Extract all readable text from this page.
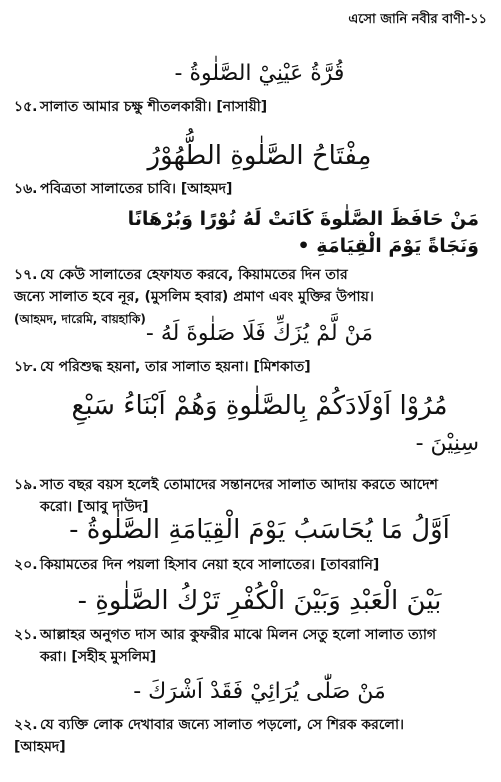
এসো জানি নবীর বাণী-১১
قُرَّةُ عَيْنِيْ الصَّلٰوةُ -
১৫. সালাত আমার চক্ষু শীতলকারী। [নাসায়ী]
مِفْتَاحُ الصَّلٰوةِ الطُّهُوْرُ
১৬. পবিত্রতা সালাতের চাবি। [আহমদ]
مَنْ حَافَظَ الصَّلٰوةَ كَانَتْ لَهُ نُوْرًا وَبُرْهَانًا
وَنَجَاةً يَوْمَ الْقِيَامَةِ •
১৭. যে কেউ সালাতের হেফাযত করবে, কিয়ামতের দিন তার
জন্যে সালাত হবে নূর, (মুসলিম হবার) প্রমাণ এবং মুক্তির উপায়।
(আহমদ, দারেমি, বায়হাকি)
مَنْ لَّمْ يُزَكِّ فَلَا صَلٰوةَ لَهُ -
১৮. যে পরিশুদ্ধ হয়না, তার সালাত হয়না। [মিশকাত]
مُرُوْا اَوْلَادَكُمْ بِالصَّلٰوةِ وَهُمْ اَبْنَاءُ سَبْعِ
سِنِيْنَ -
১৯. সাত বছর বয়স হলেই তোমাদের সন্তানদের সালাত আদায় করতে আদেশ
করো। [আবু দাউদ]
اَوَّلُ مَا يُحَاسَبُ يَوْمَ الْقِيَامَةِ الصَّلٰوةُ -
২০. কিয়ামতের দিন পয়লা হিসাব নেয়া হবে সালাতের। [তাবরানি]
بَيْنَ الْعَبْدِ وَبَيْنَ الْكُفْرِ تَرْكُ الصَّلٰوةِ -
২১. আল্লাহর অনুগত দাস আর কুফরীর মাঝে মিলন সেতু হলো সালাত ত্যাগ
করা। [সহীহ মুসলিম]
مَنْ صَلّٰى يُرَائِيْ فَقَدْ اَشْرَكَ -
২২. যে ব্যক্তি লোক দেখাবার জন্যে সালাত পড়লো, সে শিরক করলো।
[আহমদ]
